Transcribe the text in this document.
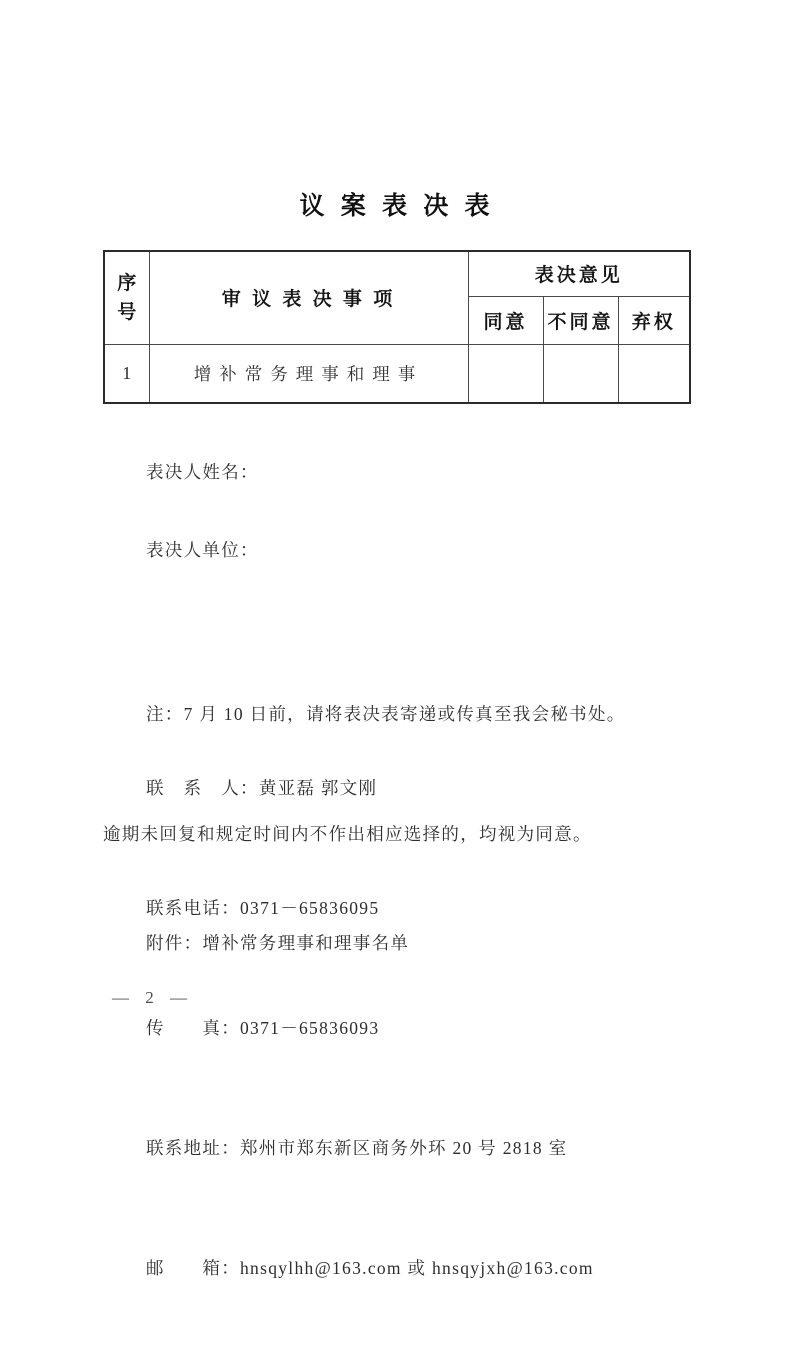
议 案 表 决 表
序
号	审 议 表 决 事 项	表决意见		
		同意	不同意	弃权
1	增补常务理事和理事			
表决人姓名：
表决人单位：

注：7 月 10 日前，请将表决表寄递或传真至我会秘书处。

逾期未回复和规定时间内不作出相应选择的，均视为同意。

联　系　人：黄亚磊 郭文刚

联系电话：0371－65836095

传　　真：0371－65836093

联系地址：郑州市郑东新区商务外环 20 号 2818 室

邮　　箱：hnsqylhh@163.com 或 hnsqyjxh@163.com

附件：增补常务理事和理事名单
— 2 —
